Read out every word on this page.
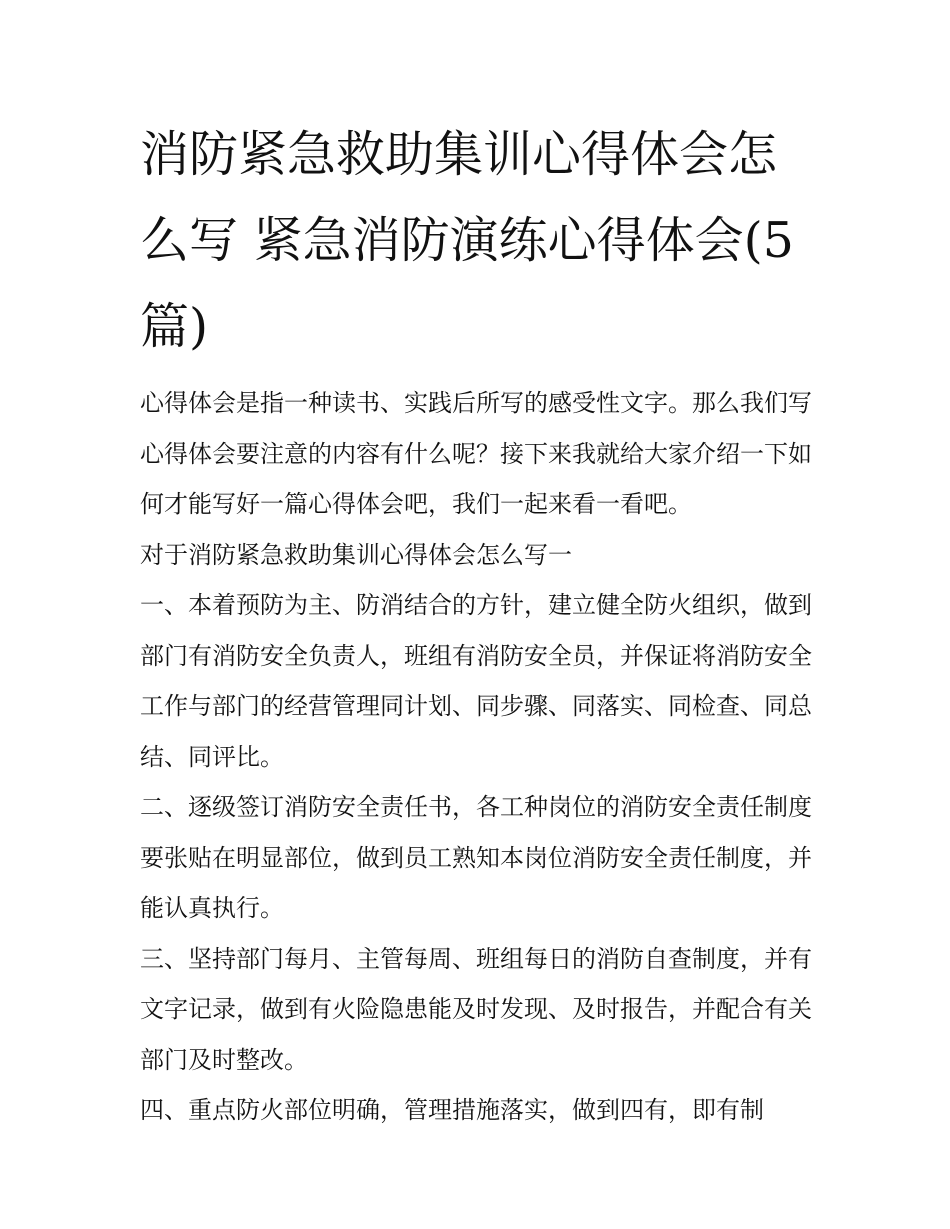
消防紧急救助集训心得体会怎么写 紧急消防演练心得体会(5篇)

心得体会是指一种读书、实践后所写的感受性文字。那么我们写心得体会要注意的内容有什么呢？接下来我就给大家介绍一下如何才能写好一篇心得体会吧，我们一起来看一看吧。

对于消防紧急救助集训心得体会怎么写一

一、本着预防为主、防消结合的方针，建立健全防火组织，做到部门有消防安全负责人，班组有消防安全员，并保证将消防安全工作与部门的经营管理同计划、同步骤、同落实、同检查、同总结、同评比。

二、逐级签订消防安全责任书，各工种岗位的消防安全责任制度要张贴在明显部位，做到员工熟知本岗位消防安全责任制度，并能认真执行。

三、坚持部门每月、主管每周、班组每日的消防自查制度，并有文字记录，做到有火险隐患能及时发现、及时报告，并配合有关部门及时整改。

四、重点防火部位明确，管理措施落实，做到四有，即有制
